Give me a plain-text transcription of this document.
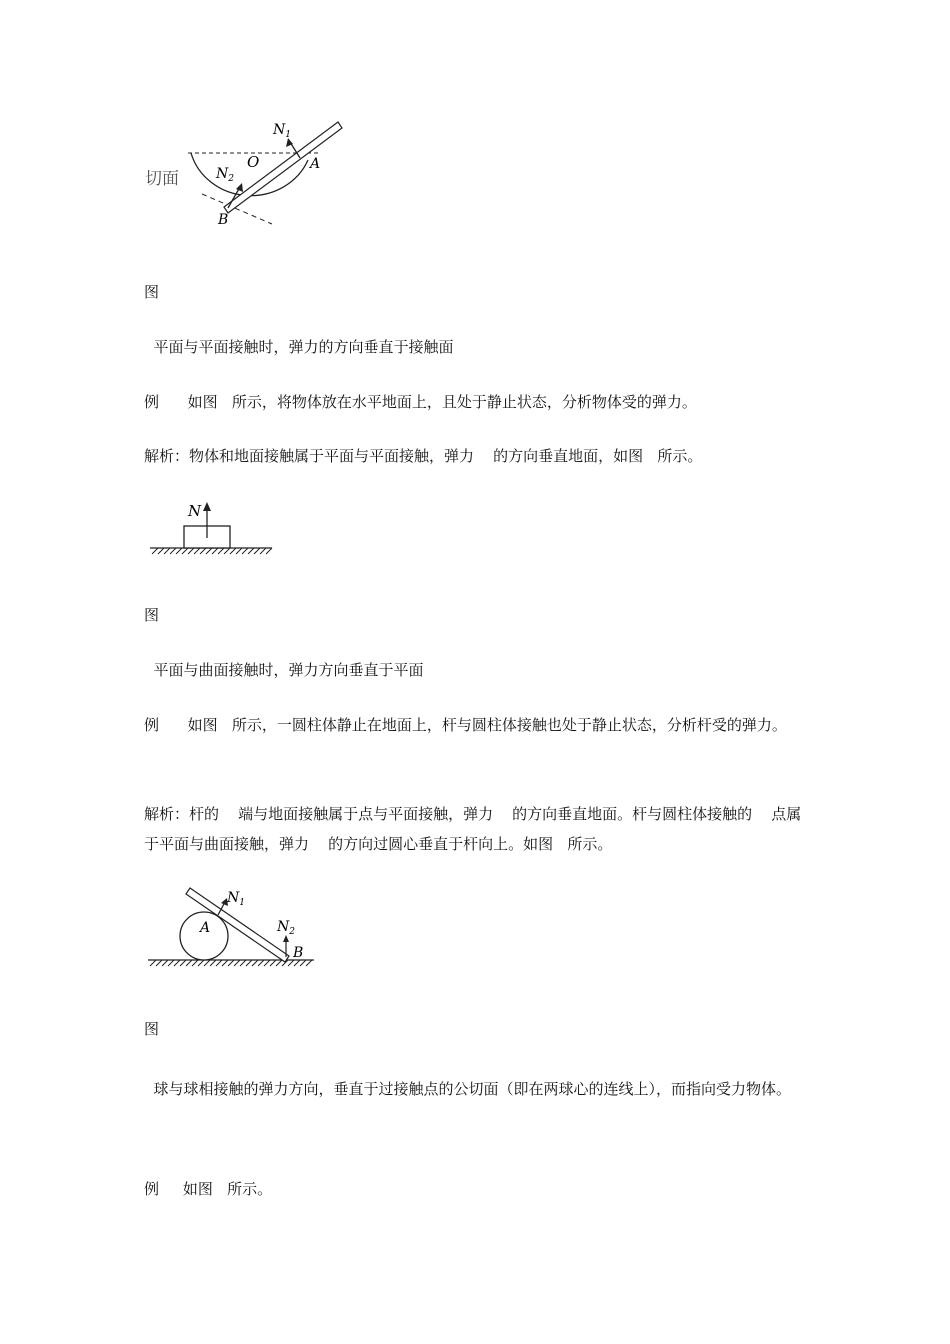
切面
$N_1$
$N_2$
O	A
B
图
平面与平面接触时，弹力的方向垂直于接触面
例      如图   所示，将物体放在水平地面上，且处于静止状态，分析物体受的弹力。
解析：物体和地面接触属于平面与平面接触，弹力    的方向垂直地面，如图   所示。
N
图
平面与曲面接触时，弹力方向垂直于平面
例      如图   所示，一圆柱体静止在地面上，杆与圆柱体接触也处于静止状态，分析杆受的弹力。
解析：杆的    端与地面接触属于点与平面接触，弹力    的方向垂直地面。杆与圆柱体接触的    点属于平面与曲面接触，弹力    的方向过圆心垂直于杆向上。如图   所示。
$N_1$
$N_2$
A
B
图
球与球相接触的弹力方向，垂直于过接触点的公切面（即在两球心的连线上），而指向受力物体。
例     如图   所示。
